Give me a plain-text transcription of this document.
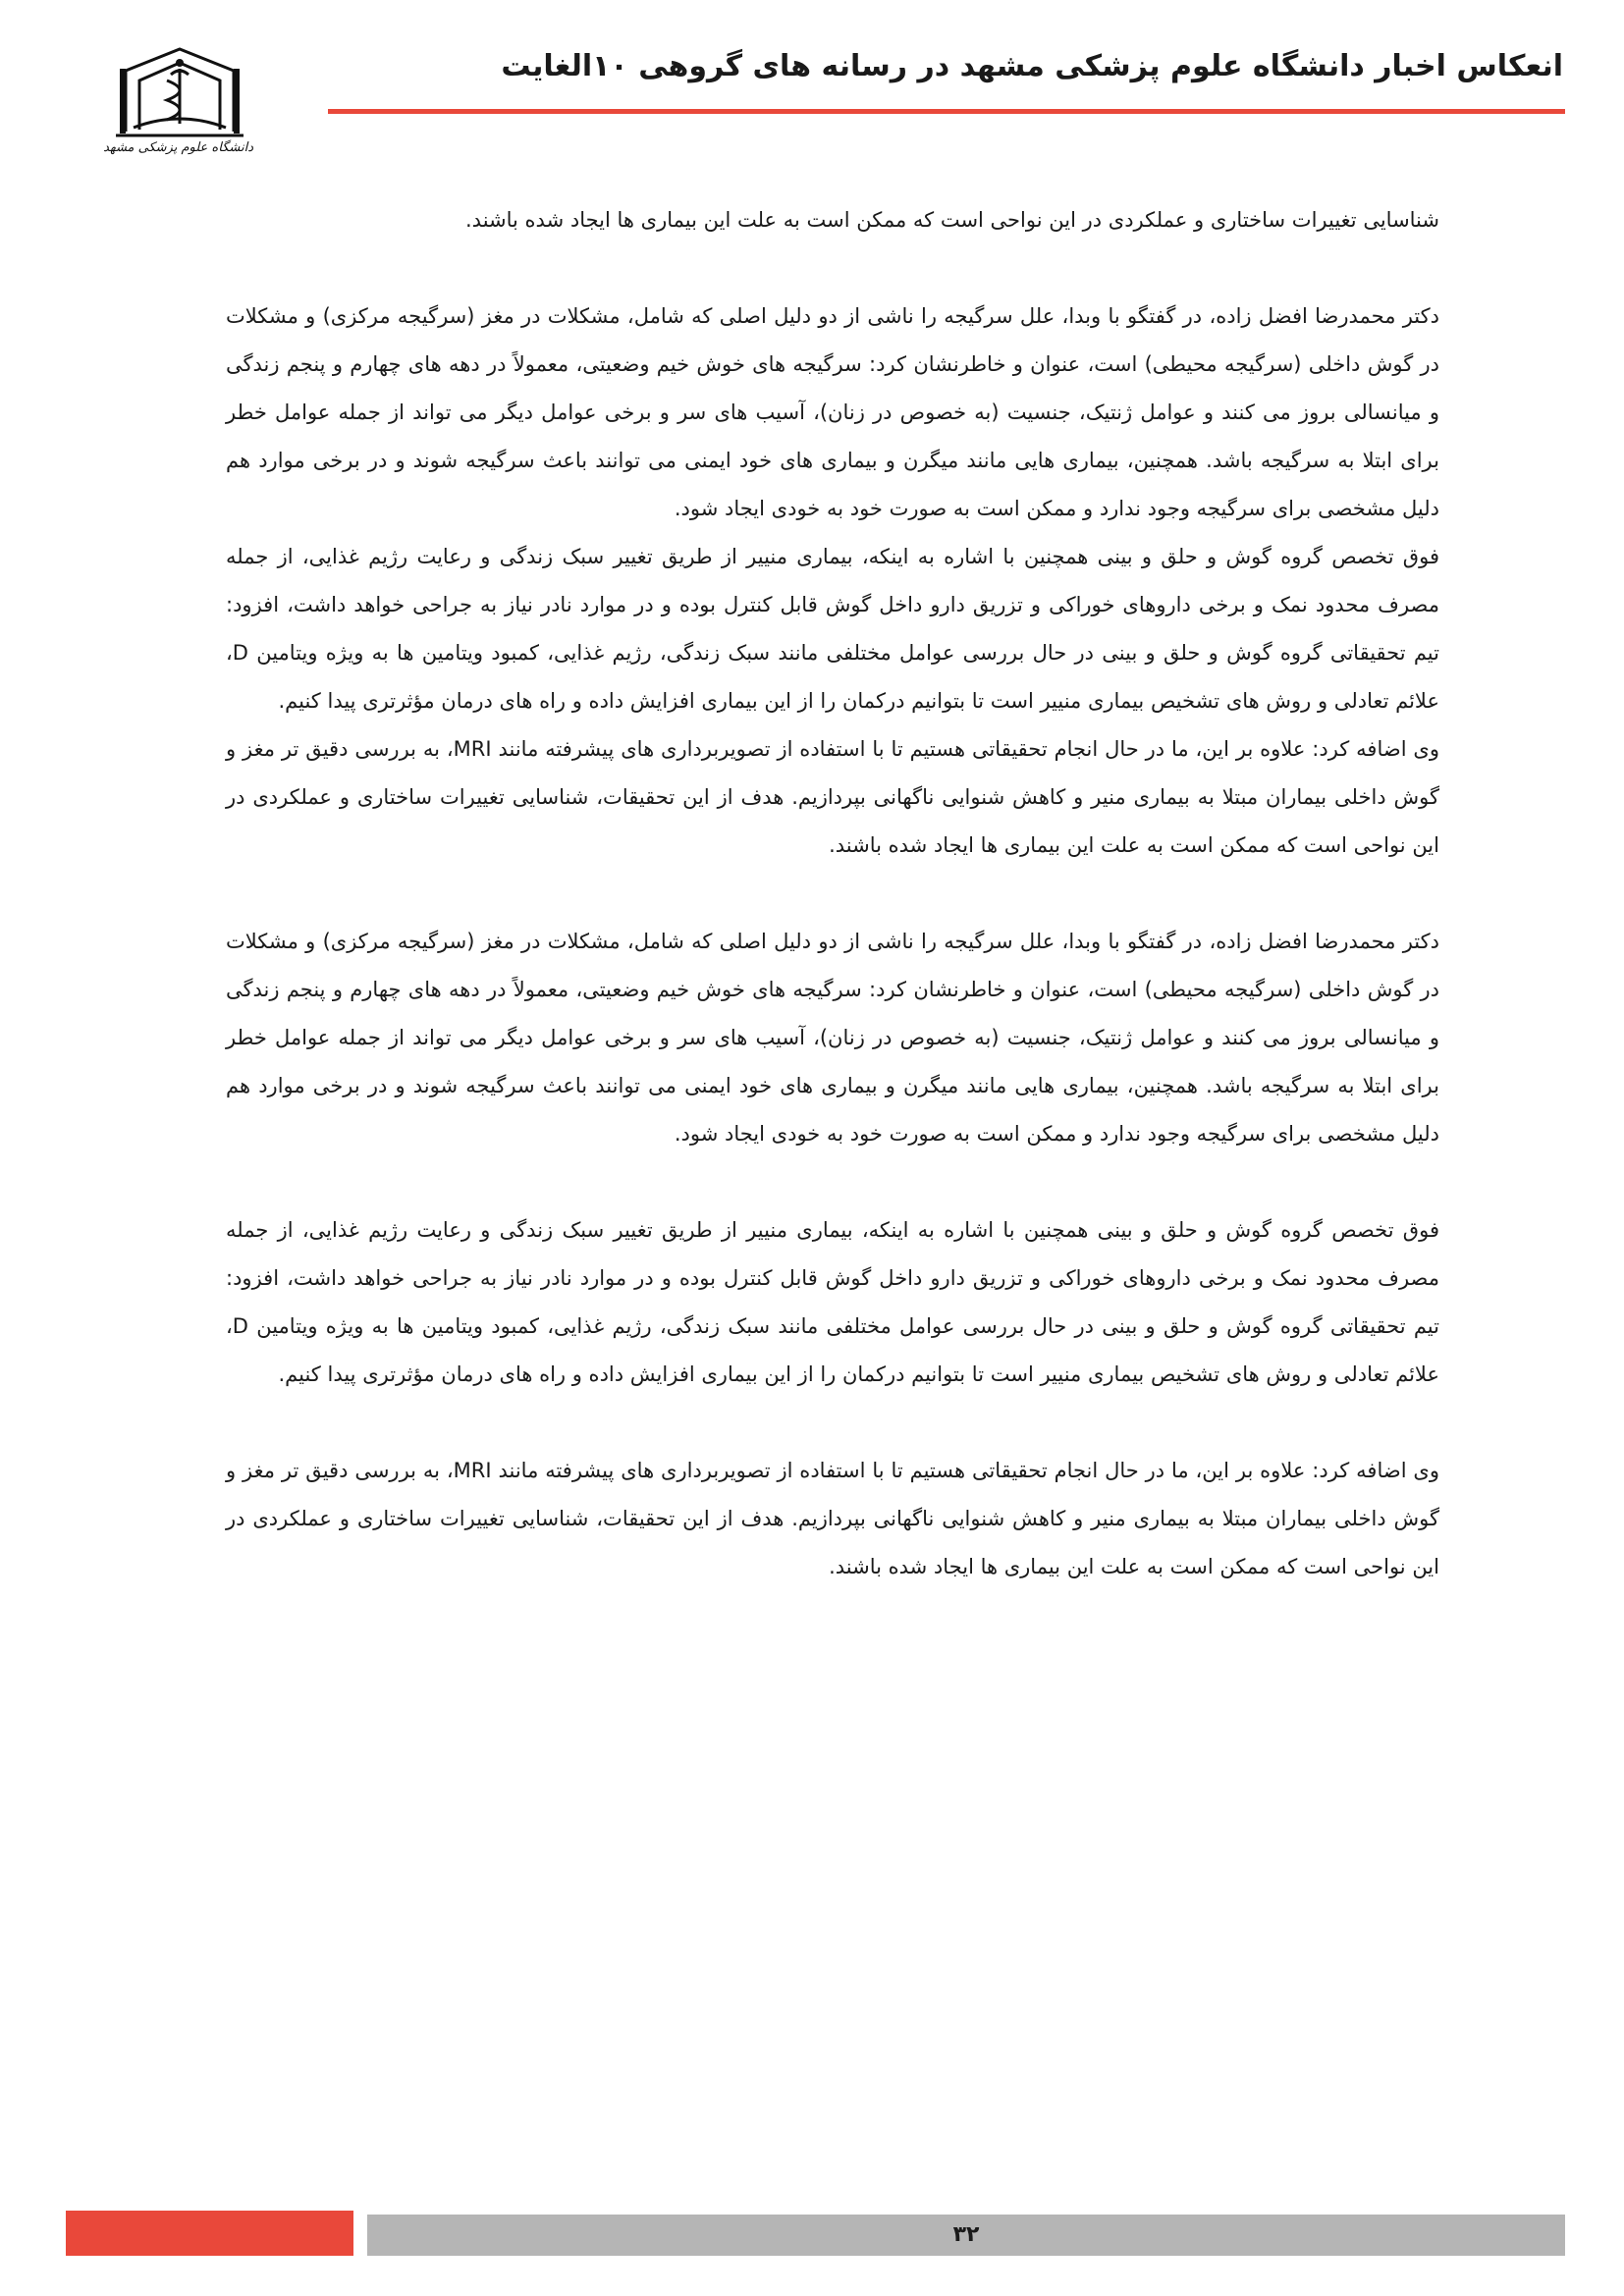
دانشگاه علوم پزشکی مشهد
انعکاس اخبار دانشگاه علوم پزشکی مشهد در رسانه های گروهی ۱۰الغایت

شناسایی تغییرات ساختاری و عملکردی در این نواحی است که ممکن است به علت این بیماری ها ایجاد شده باشند.

دکتر محمدرضا افضل زاده، در گفتگو با وبدا، علل سرگیجه را ناشی از دو دلیل اصلی که شامل، مشکلات در مغز (سرگیجه مرکزی) و مشکلات در گوش داخلی (سرگیجه محیطی) است، عنوان و خاطرنشان کرد: سرگیجه های خوش خیم وضعیتی، معمولاً در دهه های چهارم و پنجم زندگی و میانسالی بروز می کنند و عوامل ژنتیک، جنسیت (به خصوص در زنان)، آسیب های سر و برخی عوامل دیگر می تواند از جمله عوامل خطر برای ابتلا به سرگیجه باشد. همچنین، بیماری هایی مانند میگرن و بیماری های خود ایمنی می توانند باعث سرگیجه شوند و در برخی موارد هم دلیل مشخصی برای سرگیجه وجود ندارد و ممکن است به صورت خود به خودی ایجاد شود.

فوق تخصص گروه گوش و حلق و بینی همچنین با اشاره به اینکه، بیماری منییر از طریق تغییر سبک زندگی و رعایت رژیم غذایی، از جمله مصرف محدود نمک و برخی داروهای خوراکی و تزریق دارو داخل گوش قابل کنترل بوده و در موارد نادر نیاز به جراحی خواهد داشت، افزود: تیم تحقیقاتی گروه گوش و حلق و بینی در حال بررسی عوامل مختلفی مانند سبک زندگی، رژیم غذایی، کمبود ویتامین ها به ویژه ویتامین D، علائم تعادلی و روش های تشخیص بیماری منییر است تا بتوانیم درکمان را از این بیماری افزایش داده و راه های درمان مؤثرتری پیدا کنیم.

وی اضافه کرد: علاوه بر این، ما در حال انجام تحقیقاتی هستیم تا با استفاده از تصویربرداری های پیشرفته مانند MRI، به بررسی دقیق تر مغز و گوش داخلی بیماران مبتلا به بیماری منیر و کاهش شنوایی ناگهانی بپردازیم. هدف از این تحقیقات، شناسایی تغییرات ساختاری و عملکردی در این نواحی است که ممکن است به علت این بیماری ها ایجاد شده باشند.

دکتر محمدرضا افضل زاده، در گفتگو با وبدا، علل سرگیجه را ناشی از دو دلیل اصلی که شامل، مشکلات در مغز (سرگیجه مرکزی) و مشکلات در گوش داخلی (سرگیجه محیطی) است، عنوان و خاطرنشان کرد: سرگیجه های خوش خیم وضعیتی، معمولاً در دهه های چهارم و پنجم زندگی و میانسالی بروز می کنند و عوامل ژنتیک، جنسیت (به خصوص در زنان)، آسیب های سر و برخی عوامل دیگر می تواند از جمله عوامل خطر برای ابتلا به سرگیجه باشد. همچنین، بیماری هایی مانند میگرن و بیماری های خود ایمنی می توانند باعث سرگیجه شوند و در برخی موارد هم دلیل مشخصی برای سرگیجه وجود ندارد و ممکن است به صورت خود به خودی ایجاد شود.

فوق تخصص گروه گوش و حلق و بینی همچنین با اشاره به اینکه، بیماری منییر از طریق تغییر سبک زندگی و رعایت رژیم غذایی، از جمله مصرف محدود نمک و برخی داروهای خوراکی و تزریق دارو داخل گوش قابل کنترل بوده و در موارد نادر نیاز به جراحی خواهد داشت، افزود: تیم تحقیقاتی گروه گوش و حلق و بینی در حال بررسی عوامل مختلفی مانند سبک زندگی، رژیم غذایی، کمبود ویتامین ها به ویژه ویتامین D، علائم تعادلی و روش های تشخیص بیماری منییر است تا بتوانیم درکمان را از این بیماری افزایش داده و راه های درمان مؤثرتری پیدا کنیم.

وی اضافه کرد: علاوه بر این، ما در حال انجام تحقیقاتی هستیم تا با استفاده از تصویربرداری های پیشرفته مانند MRI، به بررسی دقیق تر مغز و گوش داخلی بیماران مبتلا به بیماری منیر و کاهش شنوایی ناگهانی بپردازیم. هدف از این تحقیقات، شناسایی تغییرات ساختاری و عملکردی در این نواحی است که ممکن است به علت این بیماری ها ایجاد شده باشند.

۳۲
